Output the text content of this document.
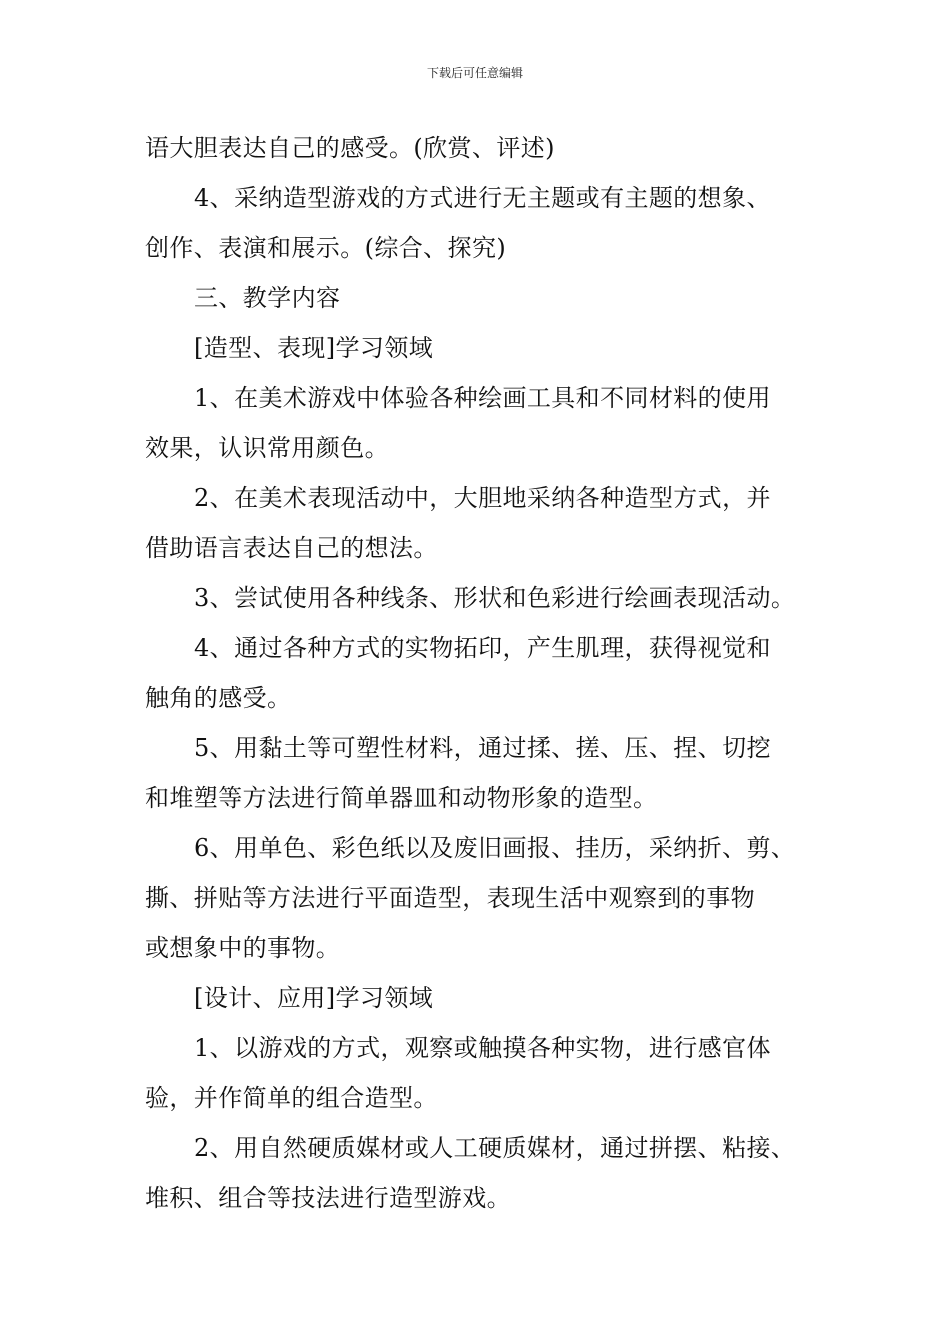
下载后可任意编辑
语大胆表达自己的感受。(欣赏、评述)
4、采纳造型游戏的方式进行无主题或有主题的想象、
创作、表演和展示。(综合、探究)
三、教学内容
[造型、表现]学习领域
1、在美术游戏中体验各种绘画工具和不同材料的使用
效果，认识常用颜色。
2、在美术表现活动中，大胆地采纳各种造型方式，并
借助语言表达自己的想法。
3、尝试使用各种线条、形状和色彩进行绘画表现活动。
4、通过各种方式的实物拓印，产生肌理，获得视觉和
触角的感受。
5、用黏土等可塑性材料，通过揉、搓、压、捏、切挖
和堆塑等方法进行简单器皿和动物形象的造型。
6、用单色、彩色纸以及废旧画报、挂历，采纳折、剪、
撕、拼贴等方法进行平面造型，表现生活中观察到的事物
或想象中的事物。
[设计、应用]学习领域
1、以游戏的方式，观察或触摸各种实物，进行感官体
验，并作简单的组合造型。
2、用自然硬质媒材或人工硬质媒材，通过拼摆、粘接、
堆积、组合等技法进行造型游戏。
